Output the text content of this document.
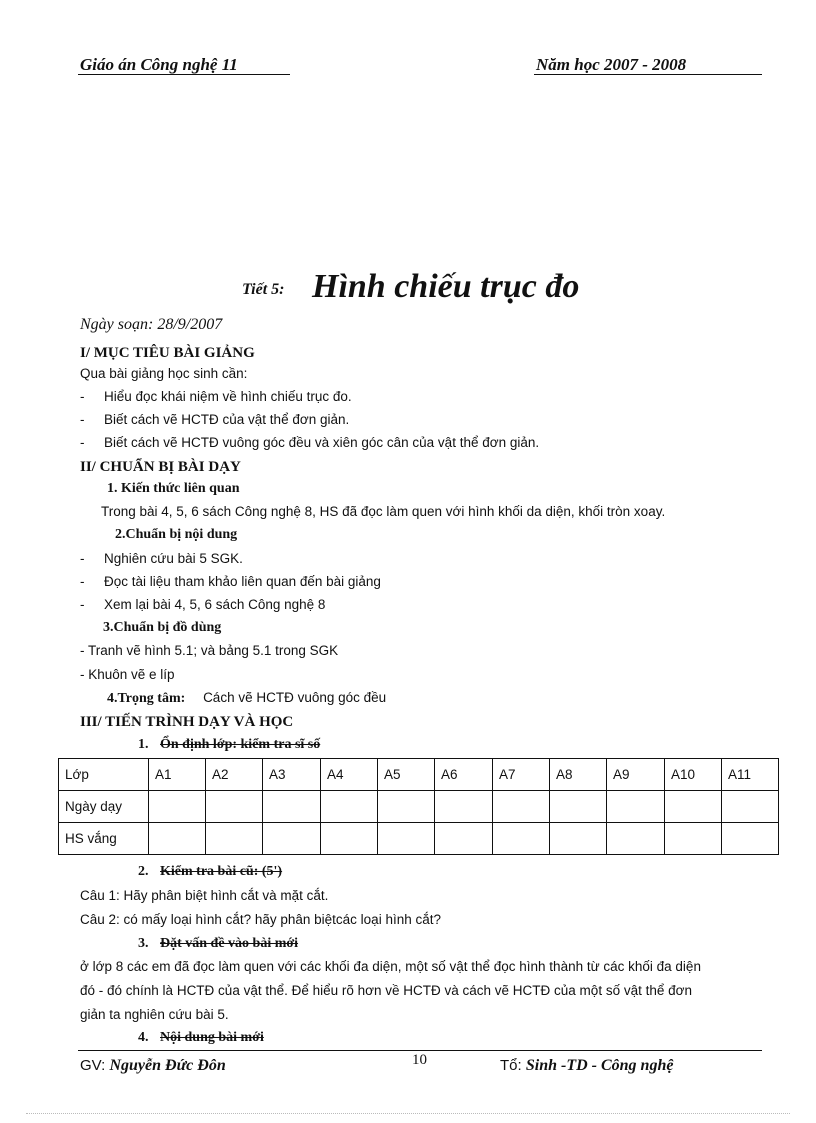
Giáo án Công nghệ 11	Năm học 2007 - 2008
Tiết 5: Hình chiếu trục đo
Ngày soạn: 28/9/2007
I/ MỤC TIÊU BÀI GIẢNG
Qua bài giảng học sinh cần:
- Hiểu đọc khái niệm về hình chiếu trục đo.
- Biết cách vẽ HCTĐ của vật thể đơn giản.
- Biết cách vẽ HCTĐ vuông góc đều và xiên góc cân của vật thể đơn giản.
II/ CHUẨN BỊ BÀI DẠY
1. Kiến thức liên quan
Trong bài 4, 5, 6 sách Công nghệ 8, HS đã đọc làm quen với hình khối da diện, khối tròn xoay.
2.Chuẩn bị nội dung
- Nghiên cứu bài 5 SGK.
- Đọc tài liệu tham khảo liên quan đến bài giảng
- Xem lại bài 4, 5, 6 sách Công nghệ 8
3.Chuẩn bị đồ dùng
- Tranh vẽ hình 5.1; và bảng 5.1 trong SGK
- Khuôn vẽ e líp
4.Trọng tâm: Cách vẽ HCTĐ vuông góc đều
III/ TIẾN TRÌNH DẠY VÀ HỌC
1. Ổn định lớp: kiểm tra sĩ số
Lớp	A1	A2	A3	A4	A5	A6	A7	A8	A9	A10	A11
Ngày dạy											
HS vắng											
2. Kiểm tra bài cũ: (5')
Câu 1: Hãy phân biệt hình cắt và mặt cắt.
Câu 2: có mấy loại hình cắt? hãy phân biệtcác loại hình cắt?
3. Đặt vấn đề vào bài mới
ở lớp 8 các em đã đọc làm quen với các khối đa diện, một số vật thể đọc hình thành từ các khối đa diện
đó - đó chính là HCTĐ của vật thể. Để hiểu rõ hơn về HCTĐ và cách vẽ HCTĐ của một số vật thể đơn
giản ta nghiên cứu bài 5.
4. Nội dung bài mới
GV: Nguyễn Đức Đôn	10	Tổ: Sinh -TD - Công nghệ
